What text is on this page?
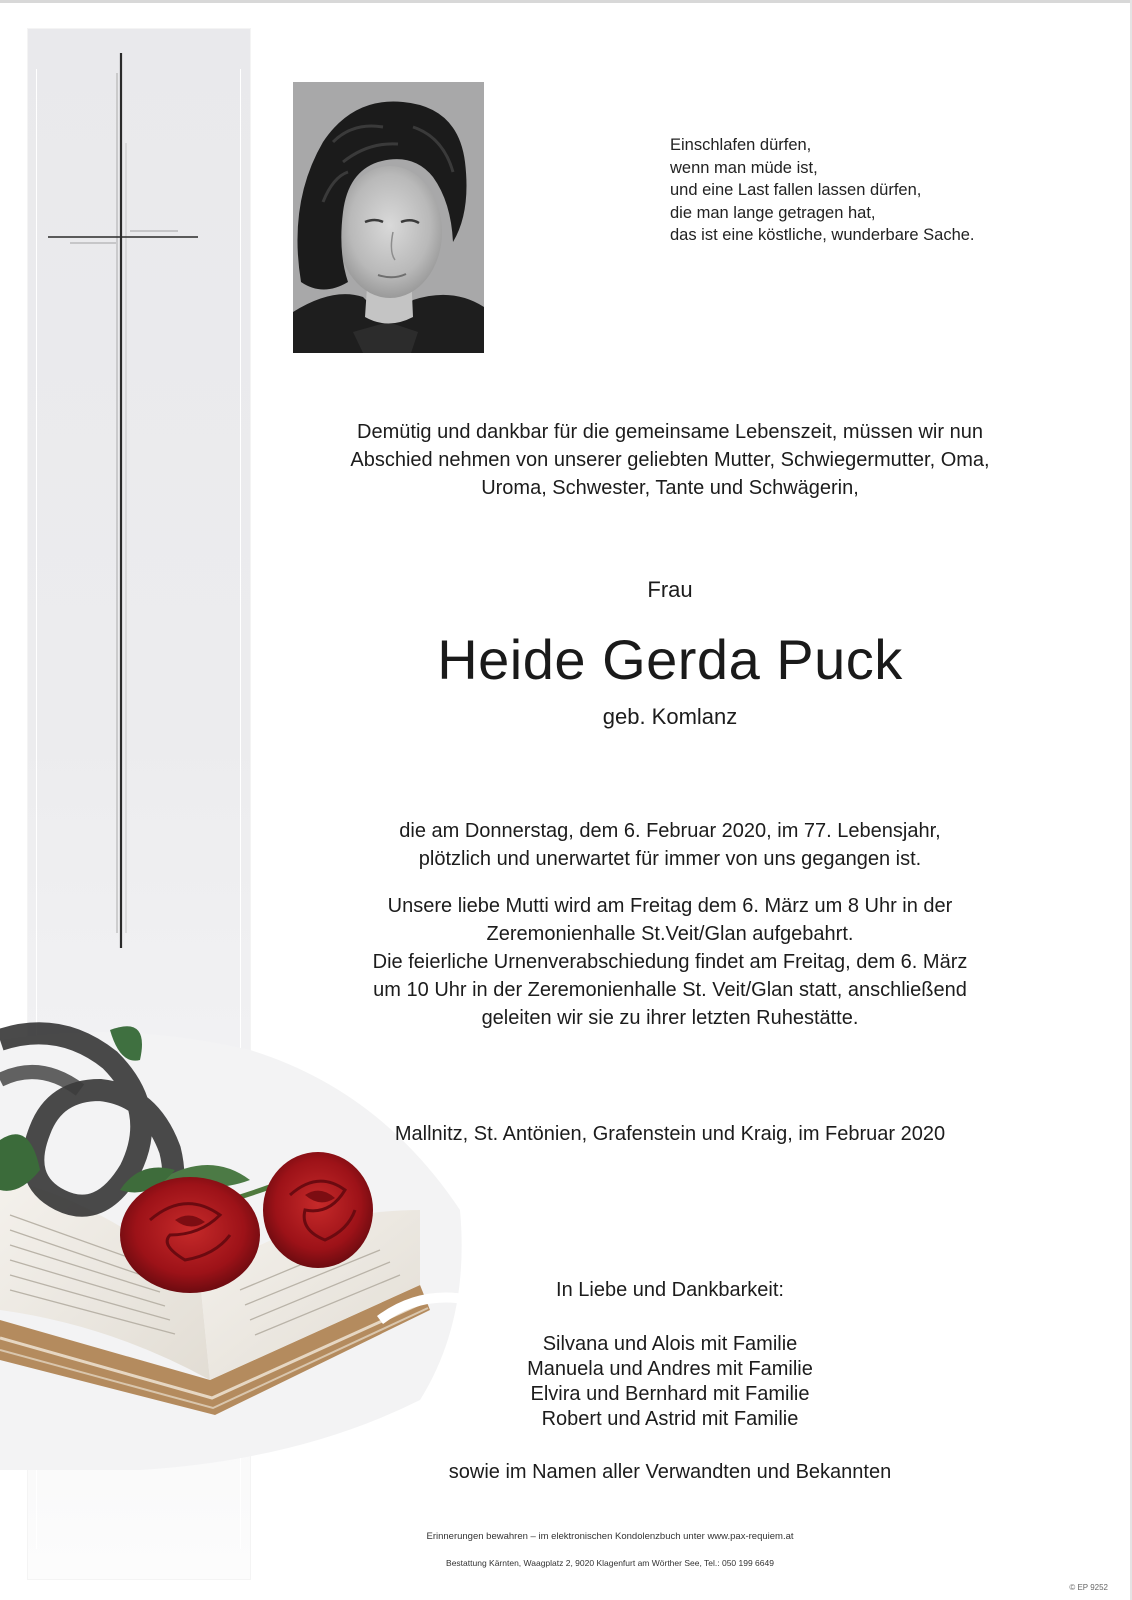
Einschlafen dürfen,
wenn man müde ist,
und eine Last fallen lassen dürfen,
die man lange getragen hat,
das ist eine köstliche, wunderbare Sache.
Demütig und dankbar für die gemeinsame Lebenszeit, müssen wir nun
Abschied nehmen von unserer geliebten Mutter, Schwiegermutter, Oma,
Uroma, Schwester, Tante und Schwägerin,
Frau
Heide Gerda Puck
geb. Komlanz
die am Donnerstag, dem 6. Februar 2020, im 77. Lebensjahr,
plötzlich und unerwartet für immer von uns gegangen ist.
Unsere liebe Mutti wird am Freitag dem 6. März um 8 Uhr in der
Zeremonienhalle St.Veit/Glan aufgebahrt.
Die feierliche Urnenverabschiedung findet am Freitag, dem 6. März
um 10 Uhr in der Zeremonienhalle St. Veit/Glan statt, anschließend
geleiten wir sie zu ihrer letzten Ruhestätte.
Mallnitz, St. Antönien, Grafenstein und Kraig, im Februar 2020
In Liebe und Dankbarkeit:
Silvana und Alois mit Familie
Manuela und Andres mit Familie
Elvira und Bernhard mit Familie
Robert und Astrid mit Familie
sowie im Namen aller Verwandten und Bekannten
Erinnerungen bewahren – im elektronischen Kondolenzbuch unter www.pax-requiem.at
Bestattung Kärnten, Waagplatz 2, 9020 Klagenfurt am Wörther See, Tel.: 050 199 6649
© EP 9252
